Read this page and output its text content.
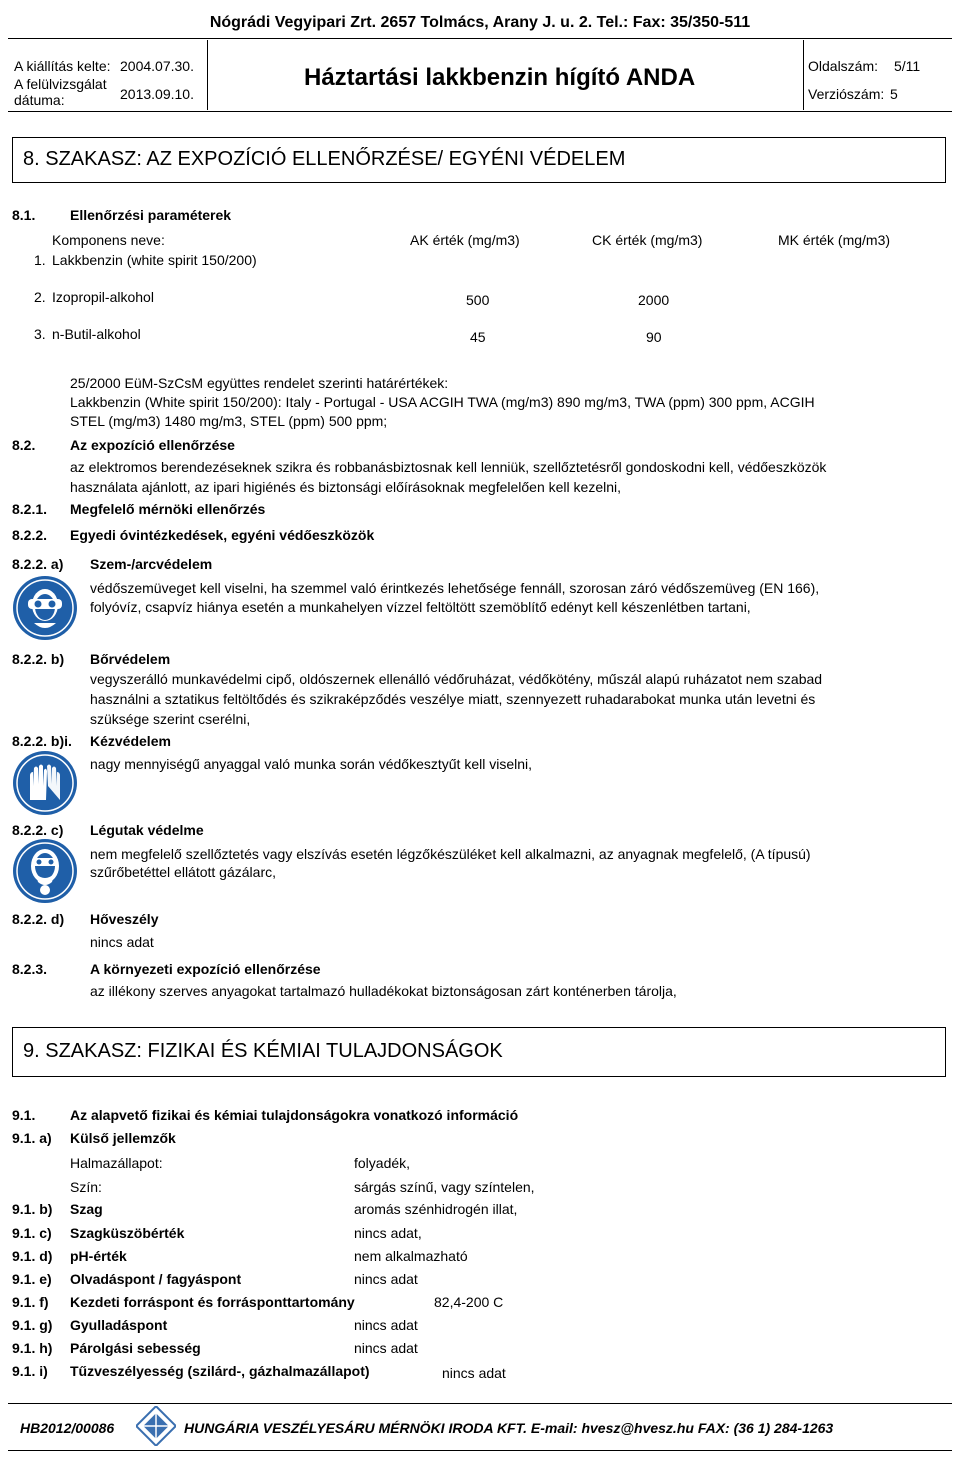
Nógrádi Vegyipari Zrt. 2657 Tolmács, Arany J. u. 2. Tel.: Fax: 35/350-511
A kiállítás kelte: 2004.07.30.
A felülvizsgálat
dátuma:	2013.09.10.
Háztartási lakkbenzin hígító ANDA	Oldalszám: 5/11
Verziószám: 5
8. SZAKASZ: AZ EXPOZÍCIÓ ELLENŐRZÉSE/ EGYÉNI VÉDELEM
8.1. Ellenőrzési paraméterek
Komponens neve:	AK érték (mg/m3)	CK érték (mg/m3)	MK érték (mg/m3)
1. Lakkbenzin (white spirit 150/200)
2. Izopropil-alkohol	500	2000
3. n-Butil-alkohol	45	90
25/2000 EüM-SzCsM együttes rendelet szerinti határértékek:
Lakkbenzin (White spirit 150/200): Italy - Portugal - USA ACGIH TWA (mg/m3) 890 mg/m3, TWA (ppm) 300 ppm, ACGIH
STEL (mg/m3) 1480 mg/m3, STEL (ppm) 500 ppm;
8.2. Az expozíció ellenőrzése
az elektromos berendezéseknek szikra és robbanásbiztosnak kell lenniük, szellőztetésről gondoskodni kell, védőeszközök
használata ajánlott, az ipari higiénés és biztonsági előírásoknak megfelelően kell kezelni,
8.2.1. Megfelelő mérnöki ellenőrzés
8.2.2. Egyedi óvintézkedések, egyéni védőeszközök
8.2.2. a) Szem-/arcvédelem
védőszemüveget kell viselni, ha szemmel való érintkezés lehetősége fennáll, szorosan záró védőszemüveg (EN 166),
folyóvíz, csapvíz hiánya esetén a munkahelyen vízzel feltöltött szemöblítő edényt kell készenlétben tartani,
8.2.2. b) Bőrvédelem
vegyszerálló munkavédelmi cipő, oldószernek ellenálló védőruházat, védőkötény, műszál alapú ruházatot nem szabad
használni a sztatikus feltöltődés és szikraképződés veszélye miatt, szennyezett ruhadarabokat munka után levetni és
szüksége szerint cserélni,
8.2.2. b)i. Kézvédelem
nagy mennyiségű anyaggal való munka során védőkesztyűt kell viselni,
8.2.2. c) Légutak védelme
nem megfelelő szellőztetés vagy elszívás esetén légzőkészüléket kell alkalmazni, az anyagnak megfelelő, (A típusú)
szűrőbetéttel ellátott gázálarc,
8.2.2. d) Hőveszély
nincs adat
8.2.3.	A környezeti expozíció ellenőrzése
az illékony szerves anyagokat tartalmazó hulladékokat biztonságosan zárt konténerben tárolja,
9. SZAKASZ: FIZIKAI ÉS KÉMIAI TULAJDONSÁGOK
9.1. Az alapvető fizikai és kémiai tulajdonságokra vonatkozó információ
9.1. a) Külső jellemzők
Halmazállapot:	folyadék,
Szín:	sárgás színű, vagy színtelen,
9.1. b) Szag	aromás szénhidrogén illat,
9.1. c) Szagküszöbérték	nincs adat,
9.1. d) pH-érték	nem alkalmazható
9.1. e) Olvadáspont / fagyáspont	nincs adat
9.1. f) Kezdeti forráspont és forrásponttartomány	82,4-200 C
9.1. g) Gyulladáspont	nincs adat
9.1. h) Párolgási sebesség	nincs adat
9.1. i) Tűzveszélyesség (szilárd-, gázhalmazállapot)	nincs adat
HB2012/00086	HUNGÁRIA VESZÉLYESÁRU MÉRNÖKI IRODA KFT. E-mail: hvesz@hvesz.hu FAX: (36 1) 284-1263
